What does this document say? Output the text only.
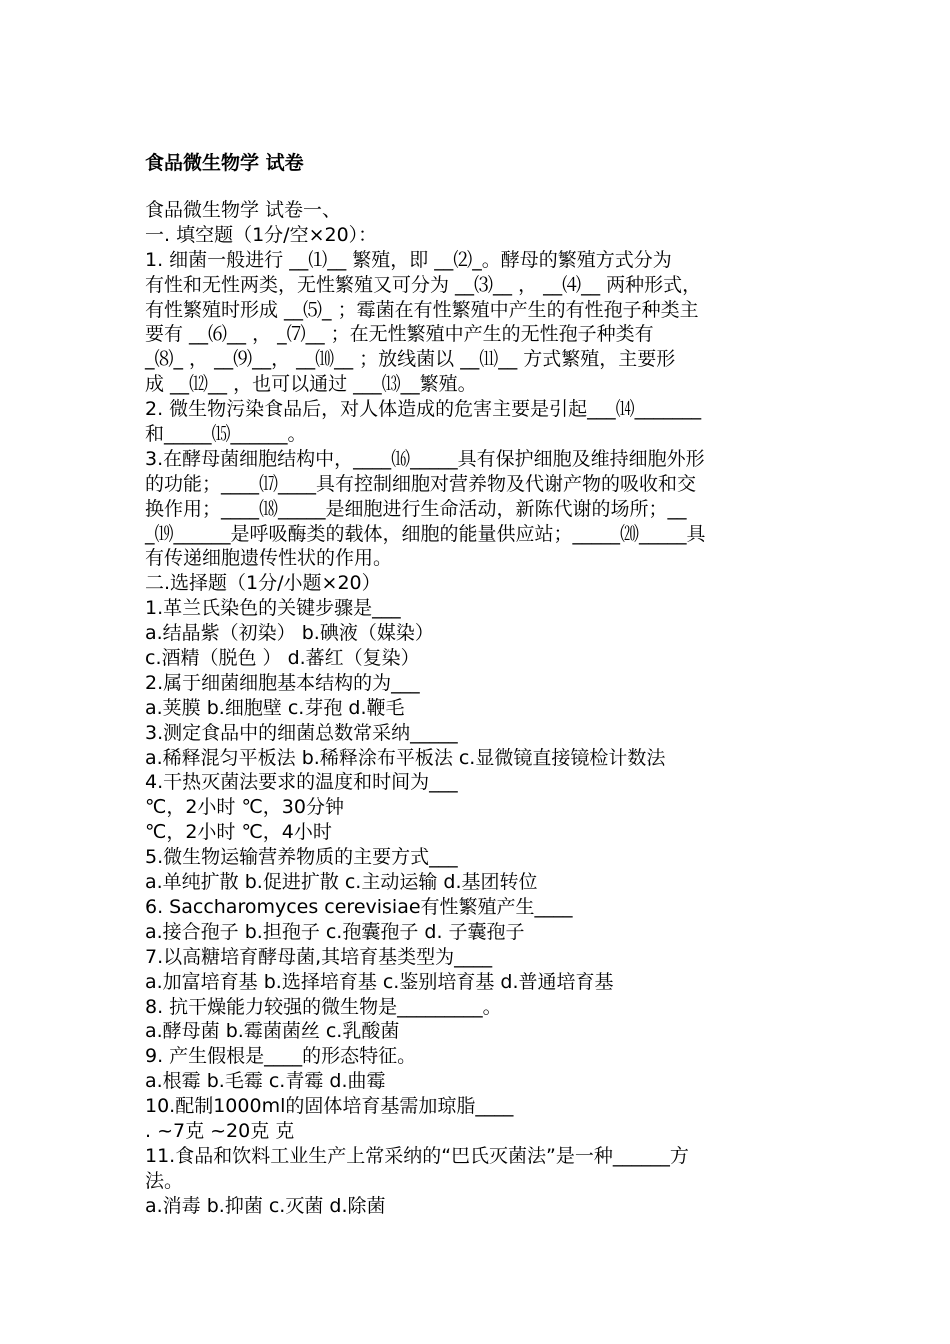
食品微生物学 试卷
食品微生物学 试卷一、
一. 填空题（1分/空×20）：
1. 细菌一般进行 __⑴__ 繁殖，即 __⑵_。酵母的繁殖方式分为
有性和无性两类，无性繁殖又可分为 __⑶__ ， __⑷__ 两种形式，
有性繁殖时形成 __⑸_ ；霉菌在有性繁殖中产生的有性孢子种类主
要有 __⑹__ ， _⑺__ ；在无性繁殖中产生的无性孢子种类有
_⑻_ ， __⑼__， __⑽__ ；放线菌以 __⑾__ 方式繁殖，主要形
成 __⑿__ ，也可以通过 ___⒀__繁殖。
2. 微生物污染食品后，对人体造成的危害主要是引起___⒁_______
和_____⒂______。
3.在酵母菌细胞结构中，____⒃_____具有保护细胞及维持细胞外形
的功能；____⒄____具有控制细胞对营养物及代谢产物的吸收和交
换作用；____⒅_____是细胞进行生命活动，新陈代谢的场所；__
_⒆______是呼吸酶类的载体，细胞的能量供应站；_____⒇_____具
有传递细胞遗传性状的作用。
二.选择题（1分/小题×20）
1.革兰氏染色的关键步骤是___
a.结晶紫（初染） b.碘液（媒染）
c.酒精（脱色 ） d.蕃红（复染）
2.属于细菌细胞基本结构的为___
a.荚膜 b.细胞壁 c.芽孢 d.鞭毛
3.测定食品中的细菌总数常采纳_____
a.稀释混匀平板法 b.稀释涂布平板法 c.显微镜直接镜检计数法
4.干热灭菌法要求的温度和时间为___
℃，2小时 ℃，30分钟
℃，2小时 ℃，4小时
5.微生物运输营养物质的主要方式___
a.单纯扩散 b.促进扩散 c.主动运输 d.基团转位
6. Saccharomyces cerevisiae有性繁殖产生____
a.接合孢子 b.担孢子 c.孢囊孢子 d. 子囊孢子
7.以高糖培育酵母菌,其培育基类型为____
a.加富培育基 b.选择培育基 c.鉴别培育基 d.普通培育基
8. 抗干燥能力较强的微生物是_________。
a.酵母菌 b.霉菌菌丝 c.乳酸菌
9. 产生假根是____的形态特征。
a.根霉 b.毛霉 c.青霉 d.曲霉
10.配制1000ml的固体培育基需加琼脂____
. ~7克 ~20克 克
11.食品和饮料工业生产上常采纳的“巴氏灭菌法”是一种______方
法。
a.消毒 b.抑菌 c.灭菌 d.除菌
